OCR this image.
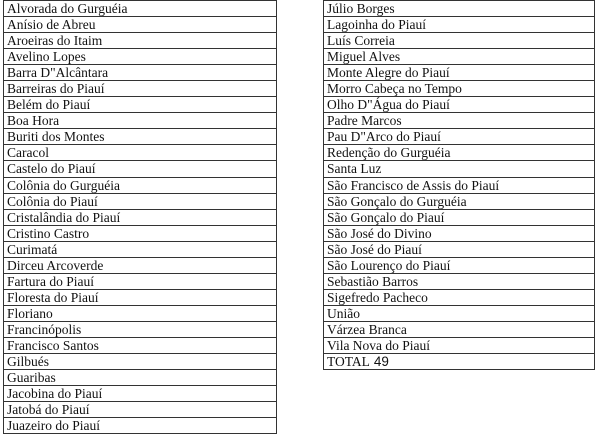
Alvorada do Gurguéia
Anísio de Abreu
Aroeiras do Itaim
Avelino Lopes
Barra D"Alcântara
Barreiras do Piauí
Belém do Piauí
Boa Hora
Buriti dos Montes
Caracol
Castelo do Piauí
Colônia do Gurguéia
Colônia do Piauí
Cristalândia do Piauí
Cristino Castro
Curimatá
Dirceu Arcoverde
Fartura do Piauí
Floresta do Piauí
Floriano
Francinópolis
Francisco Santos
Gilbués
Guaribas
Jacobina do Piauí
Jatobá do Piauí
Juazeiro do Piauí
Júlio Borges
Lagoinha do Piauí
Luís Correia
Miguel Alves
Monte Alegre do Piauí
Morro Cabeça no Tempo
Olho D"Água do Piauí
Padre Marcos
Pau D"Arco do Piauí
Redenção do Gurguéia
Santa Luz
São Francisco de Assis do Piauí
São Gonçalo do Gurguéia
São Gonçalo do Piauí
São José do Divino
São José do Piauí
São Lourenço do Piauí
Sebastião Barros
Sigefredo Pacheco
União
Várzea Branca
Vila Nova do Piauí
TOTAL 49
